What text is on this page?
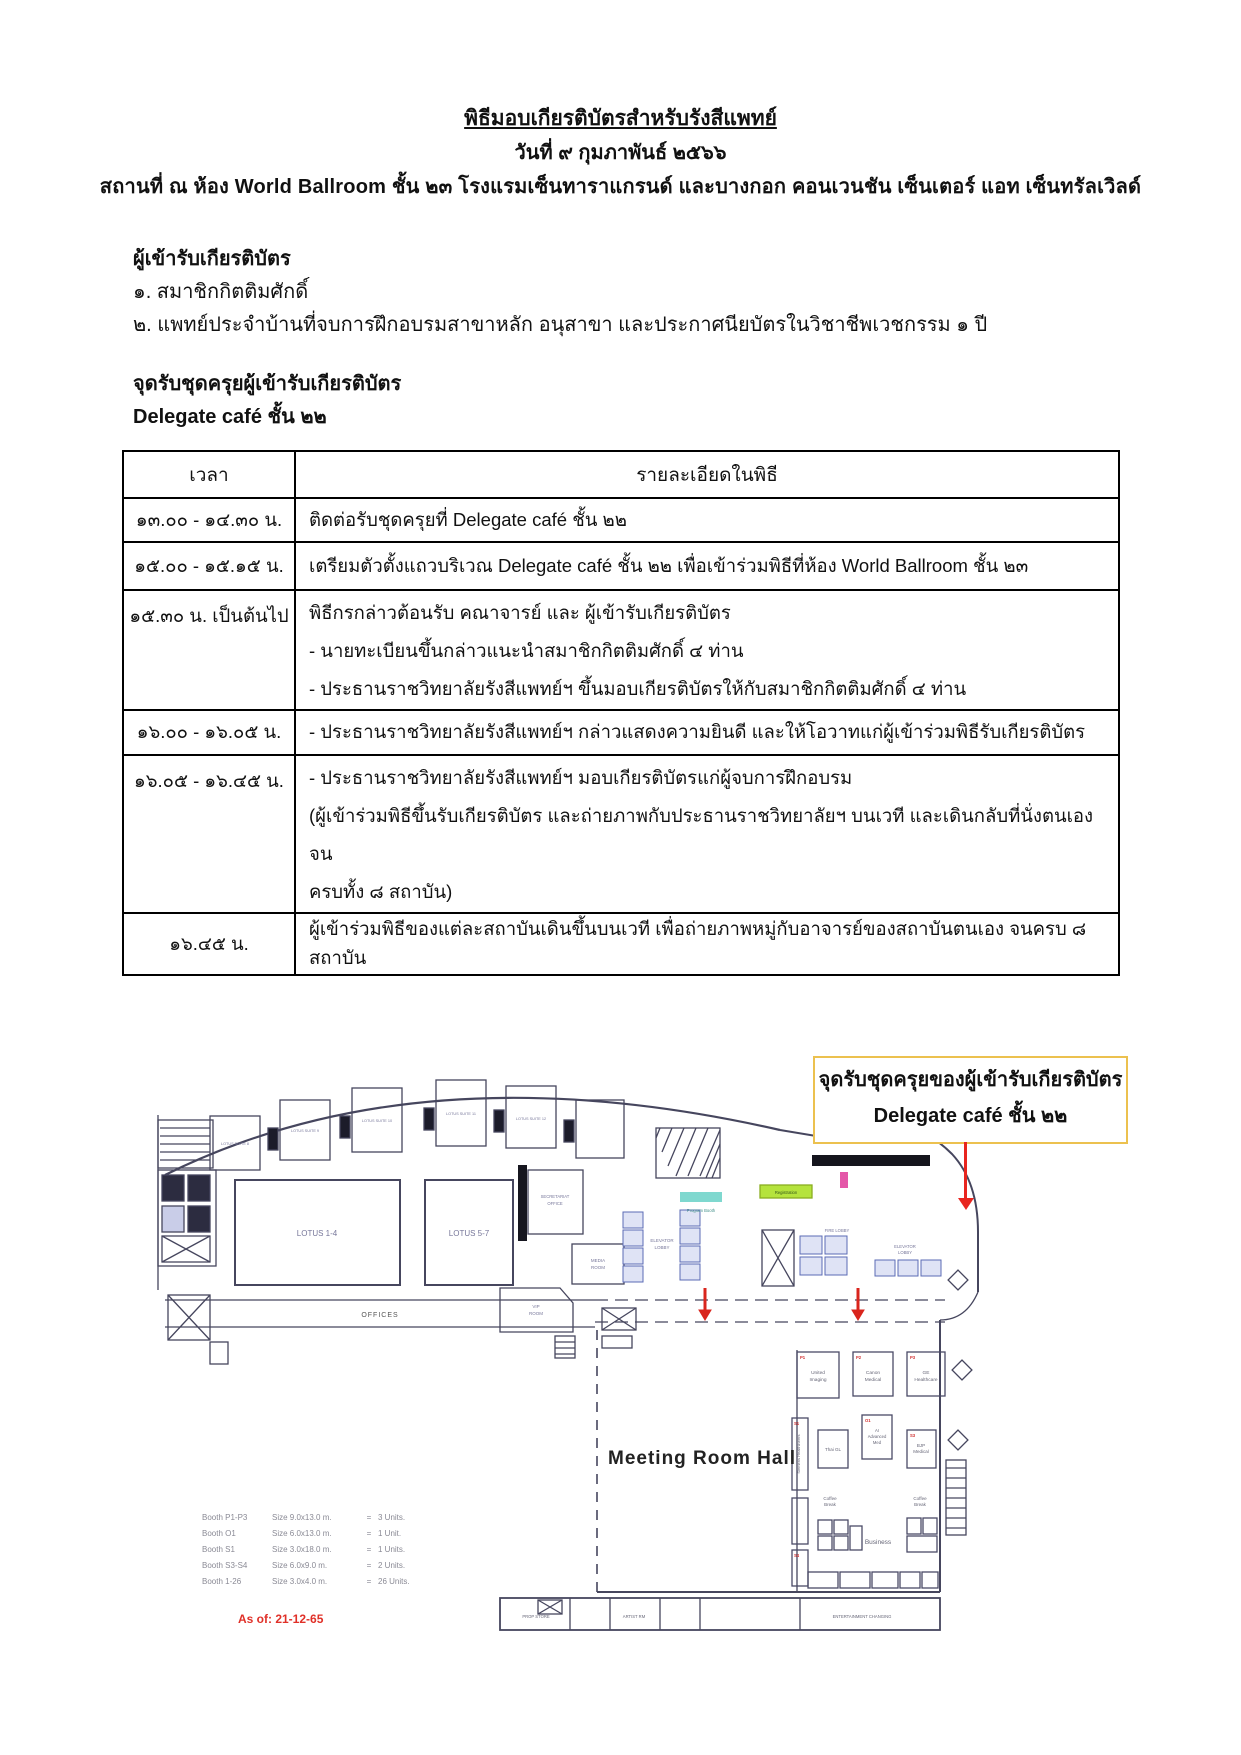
พิธีมอบเกียรติบัตรสำหรับรังสีแพทย์
วันที่ ๙ กุมภาพันธ์ ๒๕๖๖
สถานที่ ณ ห้อง World Ballroom ชั้น ๒๓ โรงแรมเซ็นทาราแกรนด์ และบางกอก คอนเวนชัน เซ็นเตอร์ แอท เซ็นทรัลเวิลด์
ผู้เข้ารับเกียรติบัตร
๑. สมาชิกกิตติมศักดิ์
๒. แพทย์ประจำบ้านที่จบการฝึกอบรมสาขาหลัก อนุสาขา และประกาศนียบัตรในวิชาชีพเวชกรรม ๑ ปี
จุดรับชุดครุยผู้เข้ารับเกียรติบัตร
Delegate café ชั้น ๒๒
เวลา	รายละเอียดในพิธี
๑๓.๐๐ - ๑๔.๓๐ น.	ติดต่อรับชุดครุยที่ Delegate café ชั้น ๒๒
๑๕.๐๐ - ๑๕.๑๕ น.	เตรียมตัวตั้งแถวบริเวณ Delegate café ชั้น ๒๒ เพื่อเข้าร่วมพิธีที่ห้อง World Ballroom ชั้น ๒๓
๑๕.๓๐ น. เป็นต้นไป	พิธีกรกล่าวต้อนรับ คณาจารย์ และ ผู้เข้ารับเกียรติบัตร
- นายทะเบียนขึ้นกล่าวแนะนำสมาชิกกิตติมศักดิ์ ๔ ท่าน
- ประธานราชวิทยาลัยรังสีแพทย์ฯ ขึ้นมอบเกียรติบัตรให้กับสมาชิกกิตติมศักดิ์ ๔ ท่าน

๑๖.๐๐ - ๑๖.๐๕ น.	- ประธานราชวิทยาลัยรังสีแพทย์ฯ กล่าวแสดงความยินดี และให้โอวาทแก่ผู้เข้าร่วมพิธีรับเกียรติบัตร
๑๖.๐๕ - ๑๖.๔๕ น.	- ประธานราชวิทยาลัยรังสีแพทย์ฯ มอบเกียรติบัตรแก่ผู้จบการฝึกอบรม
(ผู้เข้าร่วมพิธีขึ้นรับเกียรติบัตร และถ่ายภาพกับประธานราชวิทยาลัยฯ บนเวที และเดินกลับที่นั่งตนเองจน
ครบทั้ง ๘ สถาบัน)

๑๖.๔๕ น.	ผู้เข้าร่วมพิธีของแต่ละสถาบันเดินขึ้นบนเวที เพื่อถ่ายภาพหมู่กับอาจารย์ของสถาบันตนเอง จนครบ ๘ สถาบัน
จุดรับชุดครุยของผู้เข้ารับเกียรติบัตร
Delegate café ชั้น ๒๒
LOTUS 1-4	LOTUS 5-7
OFFICES
VIP
ROOM
MEDIA
ROOM
SECRETARIAT
OFFICE
ELEVATOR
LOBBY
FIRE LOBBY
ELEVATOR
LOBBY
Program Booth
Registration
Meeting Room Hall
PROP STORE	ARTIST RM	ENTERTAINMENT CHANGING
Business
Coffee
Break
Coffee
Break
LOTUS SUITE 8
LOTUS SUITE 9
LOTUS SUITE 10
LOTUS SUITE 11
LOTUS SUITE 12
United
Imaging
Canon
Medical
GE
Healthcare
Siemens Healthineers	Thai GL
AI
Advanced
Med
BJP
Medical
P1	P2	P3
S1
O1
S3
S4
Booth P1-P3	Size 9.0x13.0 m.	= 3 Units.
Booth O1	Size 6.0x13.0 m.	= 1 Unit.
Booth S1	Size 3.0x18.0 m.	= 1 Units.
Booth S3-S4	Size 6.0x9.0 m.	= 2 Units.
Booth 1-26	Size 3.0x4.0 m.	= 26 Units.
As of: 21-12-65
